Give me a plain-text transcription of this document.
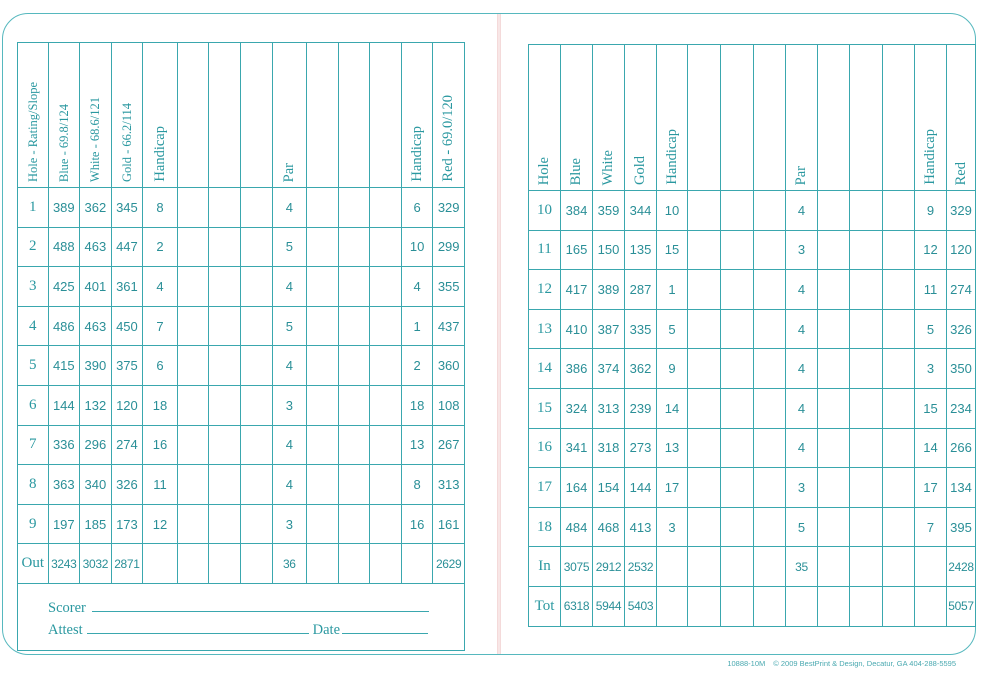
Hole - Rating/Slope	Blue - 69.8/124	White - 68.6/121	Gold - 66.2/114	Handicap				Par				Handicap	Red - 69.0/120
1	389	362	345	8				4				6	329
2	488	463	447	2				5				10	299
3	425	401	361	4				4				4	355
4	486	463	450	7				5				1	437
5	415	390	375	6				4				2	360
6	144	132	120	18				3				18	108
7	336	296	274	16				4				13	267
8	363	340	326	11				4				8	313
9	197	185	173	12				3				16	161
Out	3243	3032	2871					36					2629

Scorer
Attest Date													
Hole	Blue	White	Gold	Handicap				Par				Handicap	Red
10	384	359	344	10				4				9	329
11	165	150	135	15				3				12	120
12	417	389	287	1				4				11	274
13	410	387	335	5				4				5	326
14	386	374	362	9				4				3	350
15	324	313	239	14				4				15	234
16	341	318	273	13				4				14	266
17	164	154	144	17				3				17	134
18	484	468	413	3				5				7	395
In	3075	2912	2532					35					2428
Tot	6318	5944	5403										5057
10888-10M © 2009 BestPrint & Design, Decatur, GA 404-288-5595
